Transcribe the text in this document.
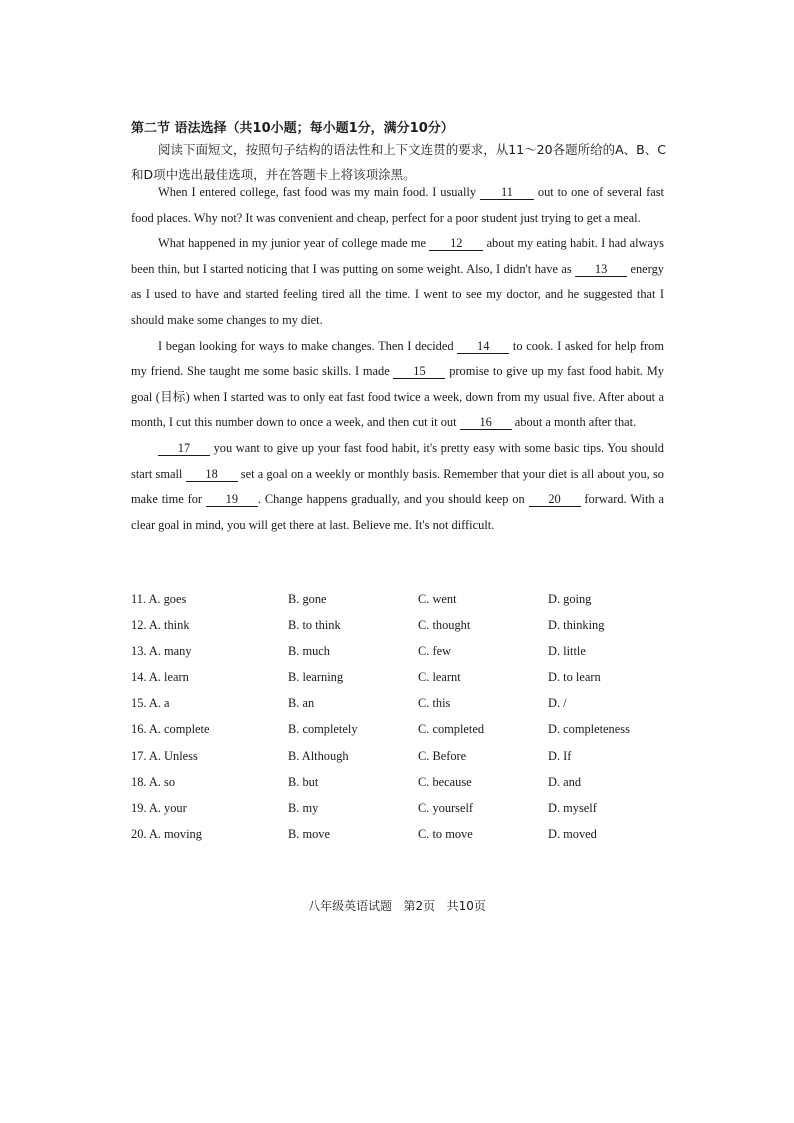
第二节 语法选择（共10小题；每小题1分，满分10分）
阅读下面短文，按照句子结构的语法性和上下文连贯的要求，从11～20各题所给的A、B、C和D项中选出最佳选项，并在答题卡上将该项涂黑。

When I entered college, fast food was my main food. I usually 11 out to one of several fast food places. Why not? It was convenient and cheap, perfect for a poor student just trying to get a meal.

What happened in my junior year of college made me 12 about my eating habit. I had always been thin, but I started noticing that I was putting on some weight. Also, I didn't have as 13 energy as I used to have and started feeling tired all the time. I went to see my doctor, and he suggested that I should make some changes to my diet.

I began looking for ways to make changes. Then I decided 14 to cook. I asked for help from my friend. She taught me some basic skills. I made 15 promise to give up my fast food habit. My goal (目标) when I started was to only eat fast food twice a week, down from my usual five. After about a month, I cut this number down to once a week, and then cut it out 16 about a month after that.

17 you want to give up your fast food habit, it's pretty easy with some basic tips. You should start small 18 set a goal on a weekly or monthly basis. Remember that your diet is all about you, so make time for 19 . Change happens gradually, and you should keep on 20 forward. With a clear goal in mind, you will get there at last. Believe me. It's not difficult.

11. A. goes	B. gone	C. went	D. going
12. A. think	B. to think	C. thought	D. thinking
13. A. many	B. much	C. few	D. little
14. A. learn	B. learning	C. learnt	D. to learn
15. A. a	B. an	C. this	D. /
16. A. complete	B. completely	C. completed	D. completeness
17. A. Unless	B. Although	C. Before	D. If
18. A. so	B. but	C. because	D. and
19. A. your	B. my	C. yourself	D. myself
20. A. moving	B. move	C. to move	D. moved
八年级英语试题   第2页   共10页
